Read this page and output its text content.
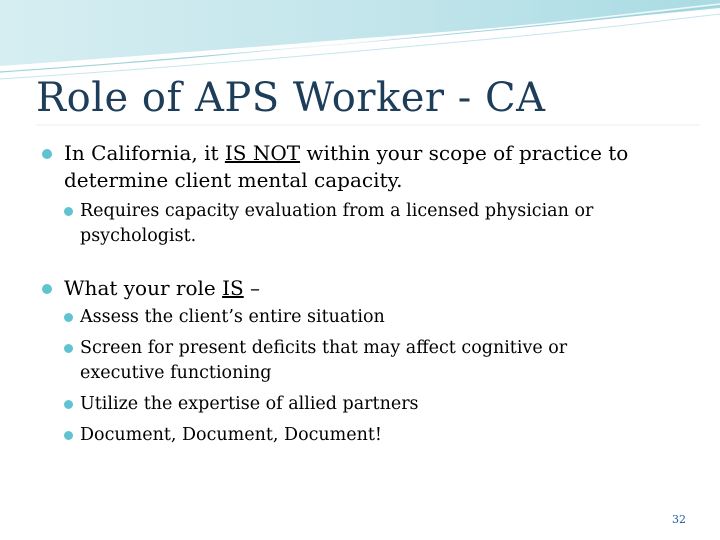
Role of APS Worker - CA

In California, it IS NOT within your scope of practice to determine client mental capacity.

Requires capacity evaluation from a licensed physician or psychologist.

What your role IS –

Assess the client’s entire situation

Screen for present deficits that may affect cognitive or executive functioning

Utilize the expertise of allied partners

Document, Document, Document!

32
